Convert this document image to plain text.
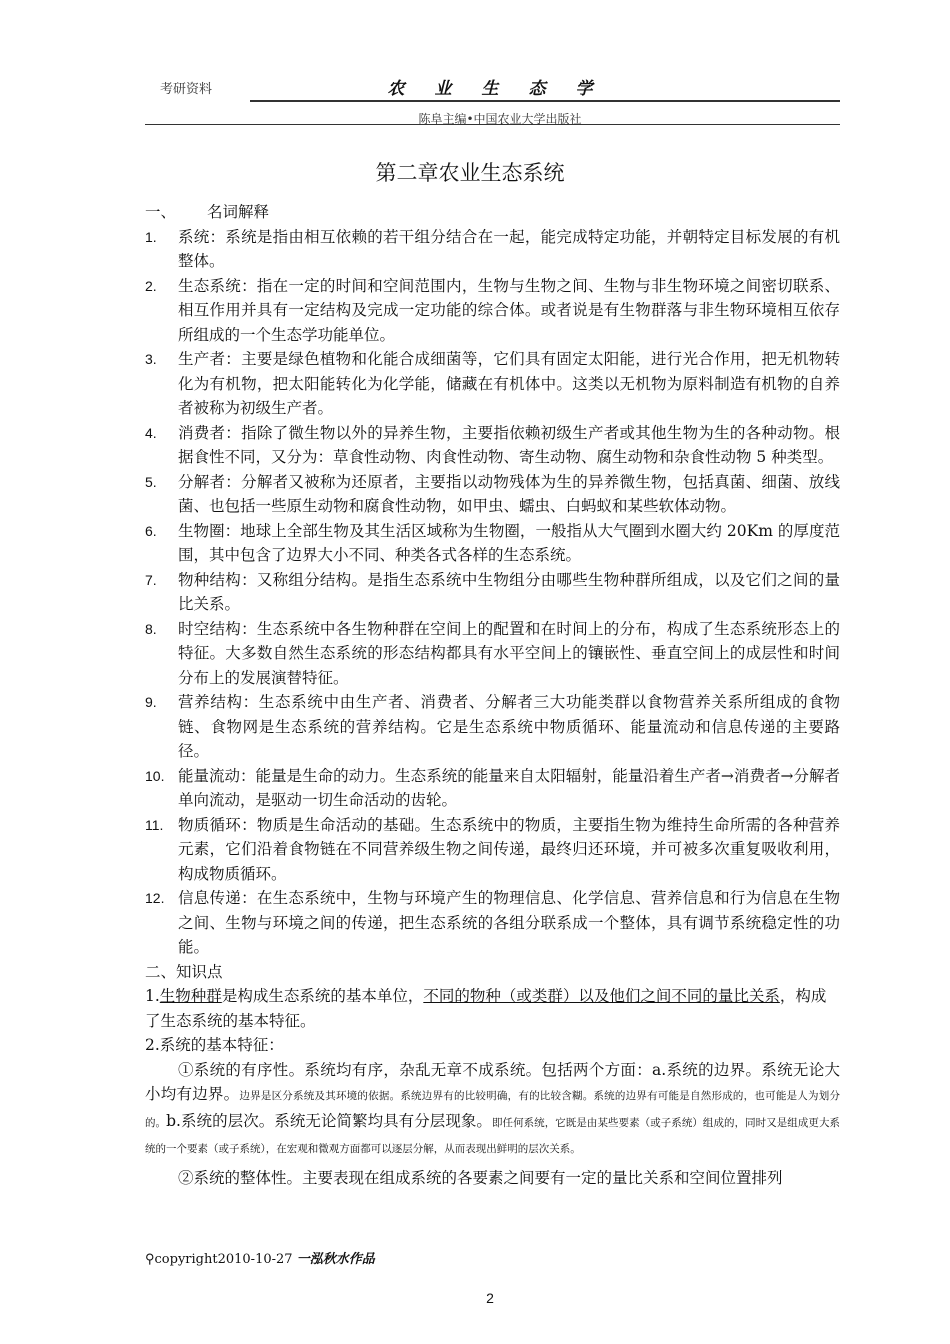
考研资料	农业生态学
陈阜主编•中国农业大学出版社
第二章农业生态系统

一、 名词解释

1.	系统：系统是指由相互依赖的若干组分结合在一起，能完成特定功能，并朝特定目标发展的有机整体。
2.	生态系统：指在一定的时间和空间范围内，生物与生物之间、生物与非生物环境之间密切联系、相互作用并具有一定结构及完成一定功能的综合体。或者说是有生物群落与非生物环境相互依存所组成的一个生态学功能单位。
3.	生产者：主要是绿色植物和化能合成细菌等，它们具有固定太阳能，进行光合作用，把无机物转化为有机物，把太阳能转化为化学能，储藏在有机体中。这类以无机物为原料制造有机物的自养者被称为初级生产者。
4.	消费者：指除了微生物以外的异养生物，主要指依赖初级生产者或其他生物为生的各种动物。根据食性不同，又分为：草食性动物、肉食性动物、寄生动物、腐生动物和杂食性动物 5 种类型。
5.	分解者：分解者又被称为还原者，主要指以动物残体为生的异养微生物，包括真菌、细菌、放线菌、也包括一些原生动物和腐食性动物，如甲虫、蠕虫、白蚂蚁和某些软体动物。
6.	生物圈：地球上全部生物及其生活区域称为生物圈，一般指从大气圈到水圈大约 20Km 的厚度范围，其中包含了边界大小不同、种类各式各样的生态系统。
7.	物种结构：又称组分结构。是指生态系统中生物组分由哪些生物种群所组成，以及它们之间的量比关系。
8.	时空结构：生态系统中各生物种群在空间上的配置和在时间上的分布，构成了生态系统形态上的特征。大多数自然生态系统的形态结构都具有水平空间上的镶嵌性、垂直空间上的成层性和时间分布上的发展演替特征。
9.	营养结构：生态系统中由生产者、消费者、分解者三大功能类群以食物营养关系所组成的食物链、食物网是生态系统的营养结构。它是生态系统中物质循环、能量流动和信息传递的主要路径。
10. 能量流动：能量是生命的动力。生态系统的能量来自太阳辐射，能量沿着生产者→消费者→分解者单向流动，是驱动一切生命活动的齿轮。
11. 物质循环：物质是生命活动的基础。生态系统中的物质，主要指生物为维持生命所需的各种营养元素，它们沿着食物链在不同营养级生物之间传递，最终归还环境，并可被多次重复吸收利用，构成物质循环。
12. 信息传递：在生态系统中，生物与环境产生的物理信息、化学信息、营养信息和行为信息在生物之间、生物与环境之间的传递，把生态系统的各组分联系成一个整体，具有调节系统稳定性的功能。

二、知识点

1.生物种群是构成生态系统的基本单位，不同的物种（或类群）以及他们之间不同的量比关系，构成了生态系统的基本特征。

2.系统的基本特征：

①系统的有序性。系统均有序，杂乱无章不成系统。包括两个方面：a.系统的边界。系统无论大小均有边界。边界是区分系统及其环境的依据。系统边界有的比较明确，有的比较含糊。系统的边界有可能是自然形成的，也可能是人为划分的。b.系统的层次。系统无论简繁均具有分层现象。即任何系统，它既是由某些要素（或子系统）组成的，同时又是组成更大系统的一个要素（或子系统），在宏观和微观方面都可以逐层分解，从而表现出鲜明的层次关系。

②系统的整体性。主要表现在组成系统的各要素之间要有一定的量比关系和空间位置排列

⚲copyright2010-10-27 一泓秋水作品
2
